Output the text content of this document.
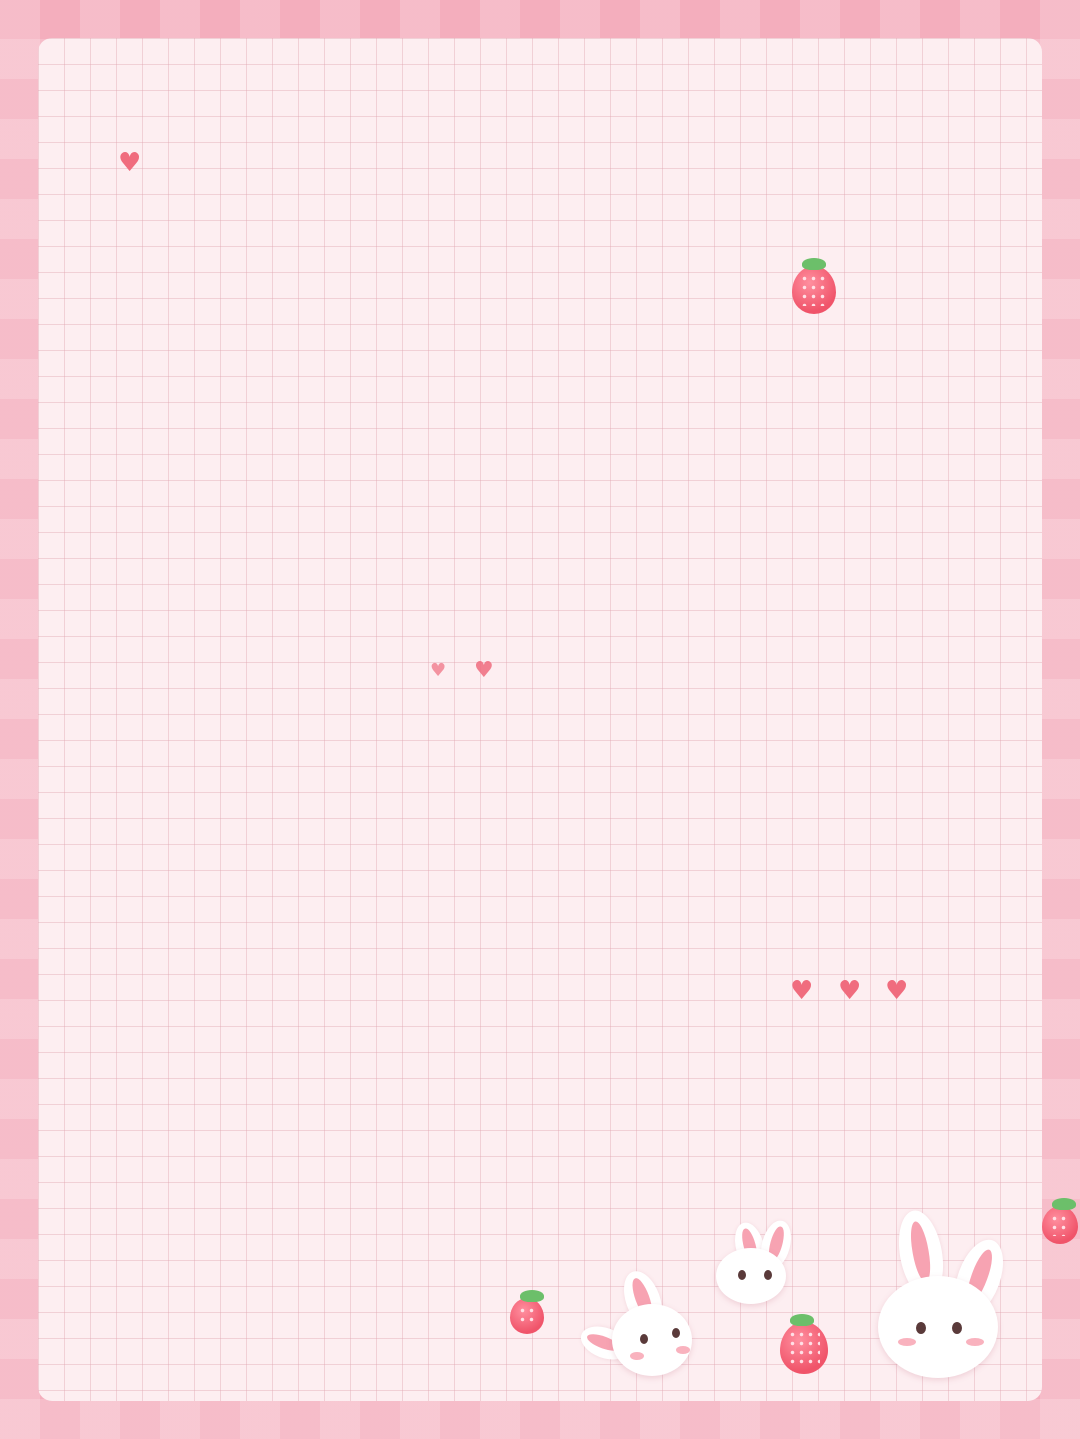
♥
♥ ♥ ♥
♥
♥
